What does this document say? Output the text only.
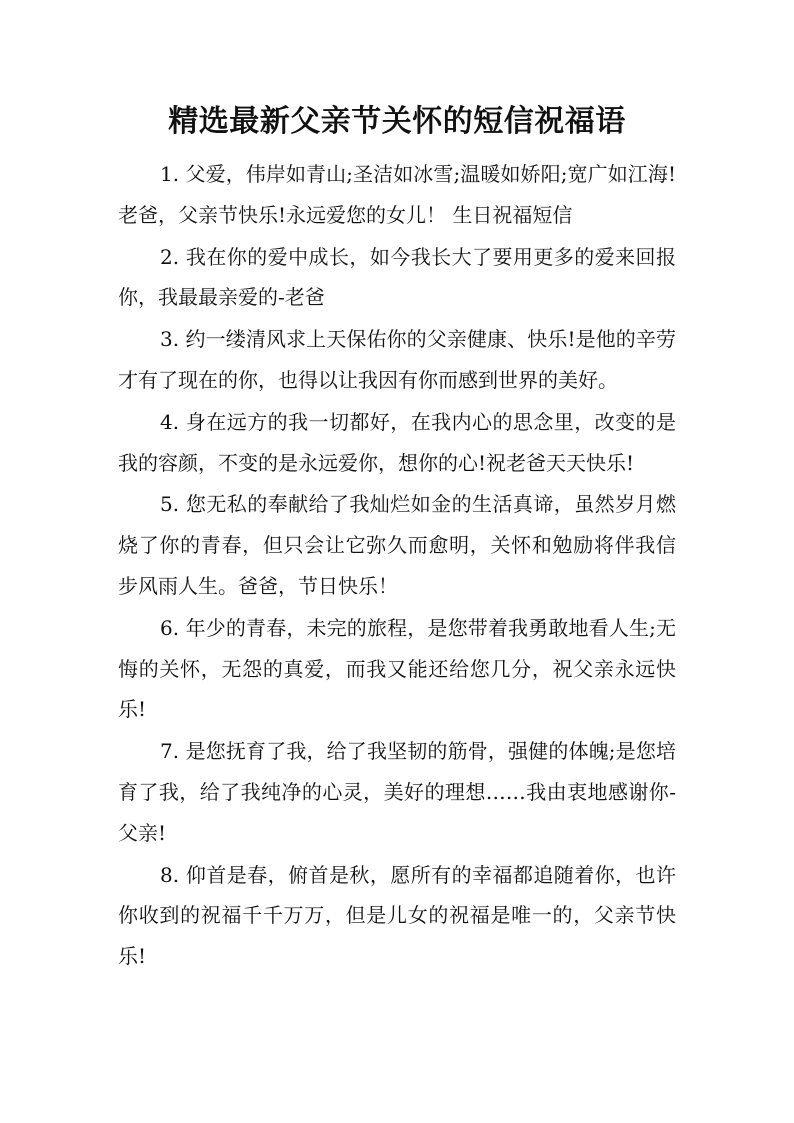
精选最新父亲节关怀的短信祝福语

1. 父爱，伟岸如青山;圣洁如冰雪;温暖如娇阳;宽广如江海!老爸，父亲节快乐!永远爱您的女儿！ 生日祝福短信

2. 我在你的爱中成长，如今我长大了要用更多的爱来回报你，我最最亲爱的-老爸

3. 约一缕清风求上天保佑你的父亲健康、快乐!是他的辛劳才有了现在的你，也得以让我因有你而感到世界的美好。

4. 身在远方的我一切都好，在我内心的思念里，改变的是我的容颜，不变的是永远爱你，想你的心!祝老爸天天快乐!

5. 您无私的奉献给了我灿烂如金的生活真谛，虽然岁月燃烧了你的青春，但只会让它弥久而愈明，关怀和勉励将伴我信步风雨人生。爸爸，节日快乐！

6. 年少的青春，未完的旅程，是您带着我勇敢地看人生;无悔的关怀，无怨的真爱，而我又能还给您几分，祝父亲永远快乐!

7. 是您抚育了我，给了我坚韧的筋骨，强健的体魄;是您培育了我，给了我纯净的心灵，美好的理想……我由衷地感谢你-父亲!

8. 仰首是春，俯首是秋，愿所有的幸福都追随着你，也许你收到的祝福千千万万，但是儿女的祝福是唯一的，父亲节快乐!
